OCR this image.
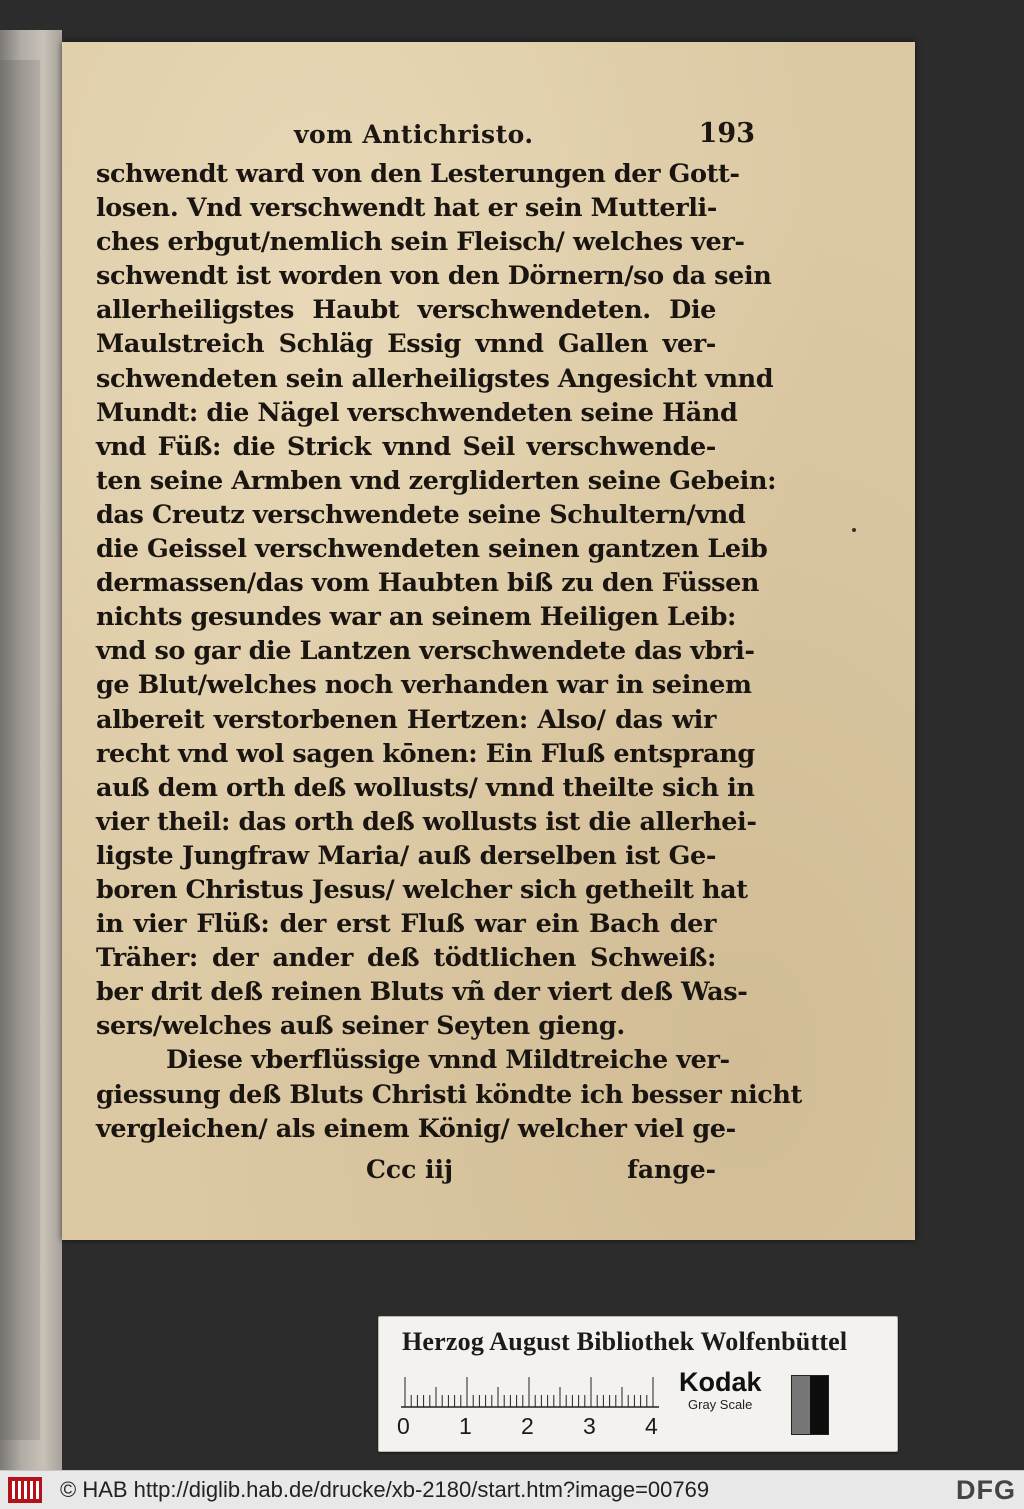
vom Antichristo.	193
schwendt ward von den Lesterungen der Gott-
losen. Vnd verschwendt hat er sein Mutterli-
ches erbgut/nemlich sein Fleisch/ welches ver-
schwendt ist worden von den Dörnern/so da sein
allerheiligstes Haubt verschwendeten. Die
Maulstreich Schläg Essig vnnd Gallen ver-
schwendeten sein allerheiligstes Angesicht vnnd
Mundt: die Nägel verschwendeten seine Händ
vnd Füß: die Strick vnnd Seil verschwende-
ten seine Armben vnd zergliderten seine Gebein:
das Creutz verschwendete seine Schultern/vnd
die Geissel verschwendeten seinen gantzen Leib
dermassen/das vom Haubten biß zu den Füssen
nichts gesundes war an seinem Heiligen Leib:
vnd so gar die Lantzen verschwendete das vbri-
ge Blut/welches noch verhanden war in seinem
albereit verstorbenen Hertzen: Also/ das wir
recht vnd wol sagen kōnen: Ein Fluß entsprang
auß dem orth deß wollusts/ vnnd theilte sich in
vier theil: das orth deß wollusts ist die allerhei-
ligste Jungfraw Maria/ auß derselben ist Ge-
boren Christus Jesus/ welcher sich getheilt hat
in vier Flüß: der erst Fluß war ein Bach der
Träher: der ander deß tödtlichen Schweiß:
ber drit deß reinen Bluts vñ der viert deß Was-
sers/welches auß seiner Seyten gieng.
Diese vberflüssige vnnd Mildtreiche ver-
giessung deß Bluts Christi köndte ich besser nicht
vergleichen/ als einem König/ welcher viel ge-
Ccc iij	fange-
Herzog August Bibliothek Wolfenbüttel
0 1 2 3 4
Kodak
Gray Scale
© HAB http://diglib.hab.de/drucke/xb-2180/start.htm?image=00769	DFG
